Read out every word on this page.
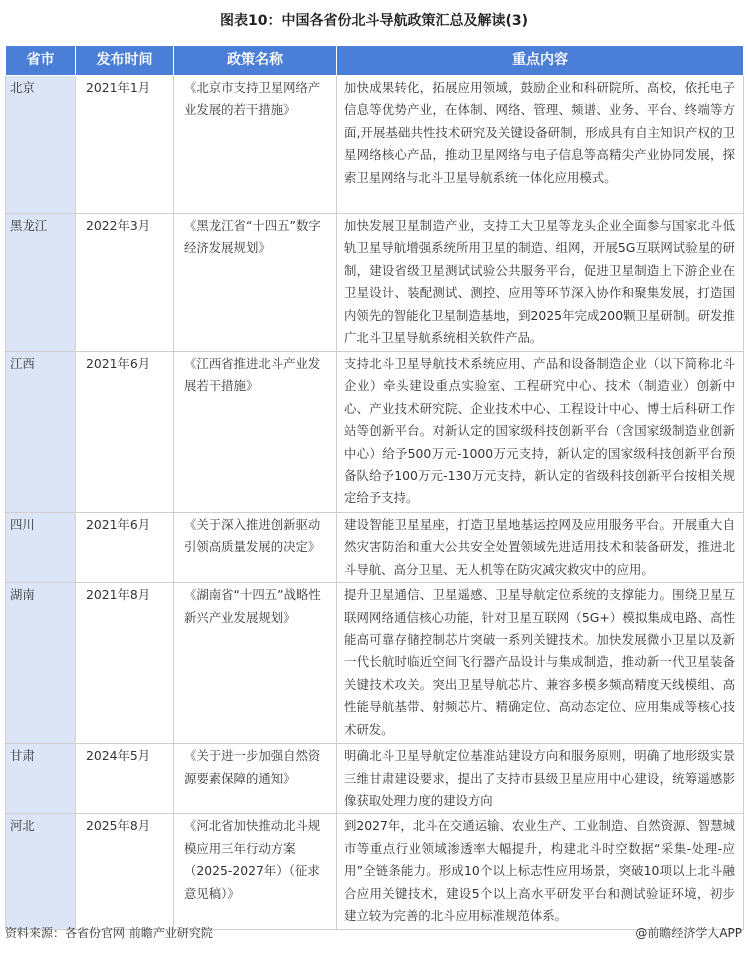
图表10：中国各省份北斗导航政策汇总及解读(3)
省市	发布时间	政策名称	重点内容
北京	2021年1月	《北京市支持卫星网络产业发展的若干措施》	加快成果转化，拓展应用领域，鼓励企业和科研院所、高校，依托电子信息等优势产业，在体制、网络、管理、频谱、业务、平台、终端等方面,开展基础共性技术研究及关键设备研制，形成具有自主知识产权的卫星网络核心产品，推动卫星网络与电子信息等高精尖产业协同发展，探索卫星网络与北斗卫星导航系统一体化应用模式。
黑龙江	2022年3月	《黑龙江省“十四五”数字经济发展规划》	加快发展卫星制造产业，支持工大卫星等龙头企业全面参与国家北斗低轨卫星导航增强系统所用卫星的制造、组网，开展5G互联网试验星的研制，建设省级卫星测试试验公共服务平台，促进卫星制造上下游企业在卫星设计、装配测试、测控、应用等环节深入协作和聚集发展，打造国内领先的智能化卫星制造基地，到2025年完成200颗卫星研制。研发推广北斗卫星导航系统相关软件产品。
江西	2021年6月	《江西省推进北斗产业发展若干措施》	支持北斗卫星导航技术系统应用、产品和设备制造企业（以下简称北斗企业）牵头建设重点实验室、工程研究中心、技术（制造业）创新中心、产业技术研究院、企业技术中心、工程设计中心、博士后科研工作站等创新平台。对新认定的国家级科技创新平台（含国家级制造业创新中心）给予500万元-1000万元支持，新认定的国家级科技创新平台预备队给予100万元-130万元支持，新认定的省级科技创新平台按相关规定给予支持。
四川	2021年6月	《关于深入推进创新驱动引领高质量发展的决定》	建设智能卫星星座，打造卫星地基运控网及应用服务平台。开展重大自然灾害防治和重大公共安全处置领域先进适用技术和装备研发，推进北斗导航、高分卫星、无人机等在防灾减灾救灾中的应用。
湖南	2021年8月	《湖南省“十四五”战略性新兴产业发展规划》	提升卫星通信、卫星遥感、卫星导航定位系统的支撑能力。围绕卫星互联网网络通信核心功能，针对卫星互联网（5G+）模拟集成电路、高性能高可靠存储控制芯片突破一系列关键技术。加快发展微小卫星以及新一代长航时临近空间飞行器产品设计与集成制造，推动新一代卫星装备关键技术攻关。突出卫星导航芯片、兼容多模多频高精度天线模组、高性能导航基带、射频芯片、精确定位、高动态定位、应用集成等核心技术研发。
甘肃	2024年5月	《关于进一步加强自然资源要素保障的通知》	明确北斗卫星导航定位基准站建设方向和服务原则，明确了地形级实景三维甘肃建设要求，提出了支持市县级卫星应用中心建设，统筹遥感影像获取处理力度的建设方向
河北	2025年8月	《河北省加快推动北斗规模应用三年行动方案（2025-2027年）（征求意见稿）》	到2027年，北斗在交通运输、农业生产、工业制造、自然资源、智慧城市等重点行业领域渗透率大幅提升，构建北斗时空数据“采集-处理-应用”全链条能力。形成10个以上标志性应用场景，突破10项以上北斗融合应用关键技术，建设5个以上高水平研发平台和测试验证环境，初步建立较为完善的北斗应用标准规范体系。
资料来源：各省份官网 前瞻产业研究院	@前瞻经济学人APP
